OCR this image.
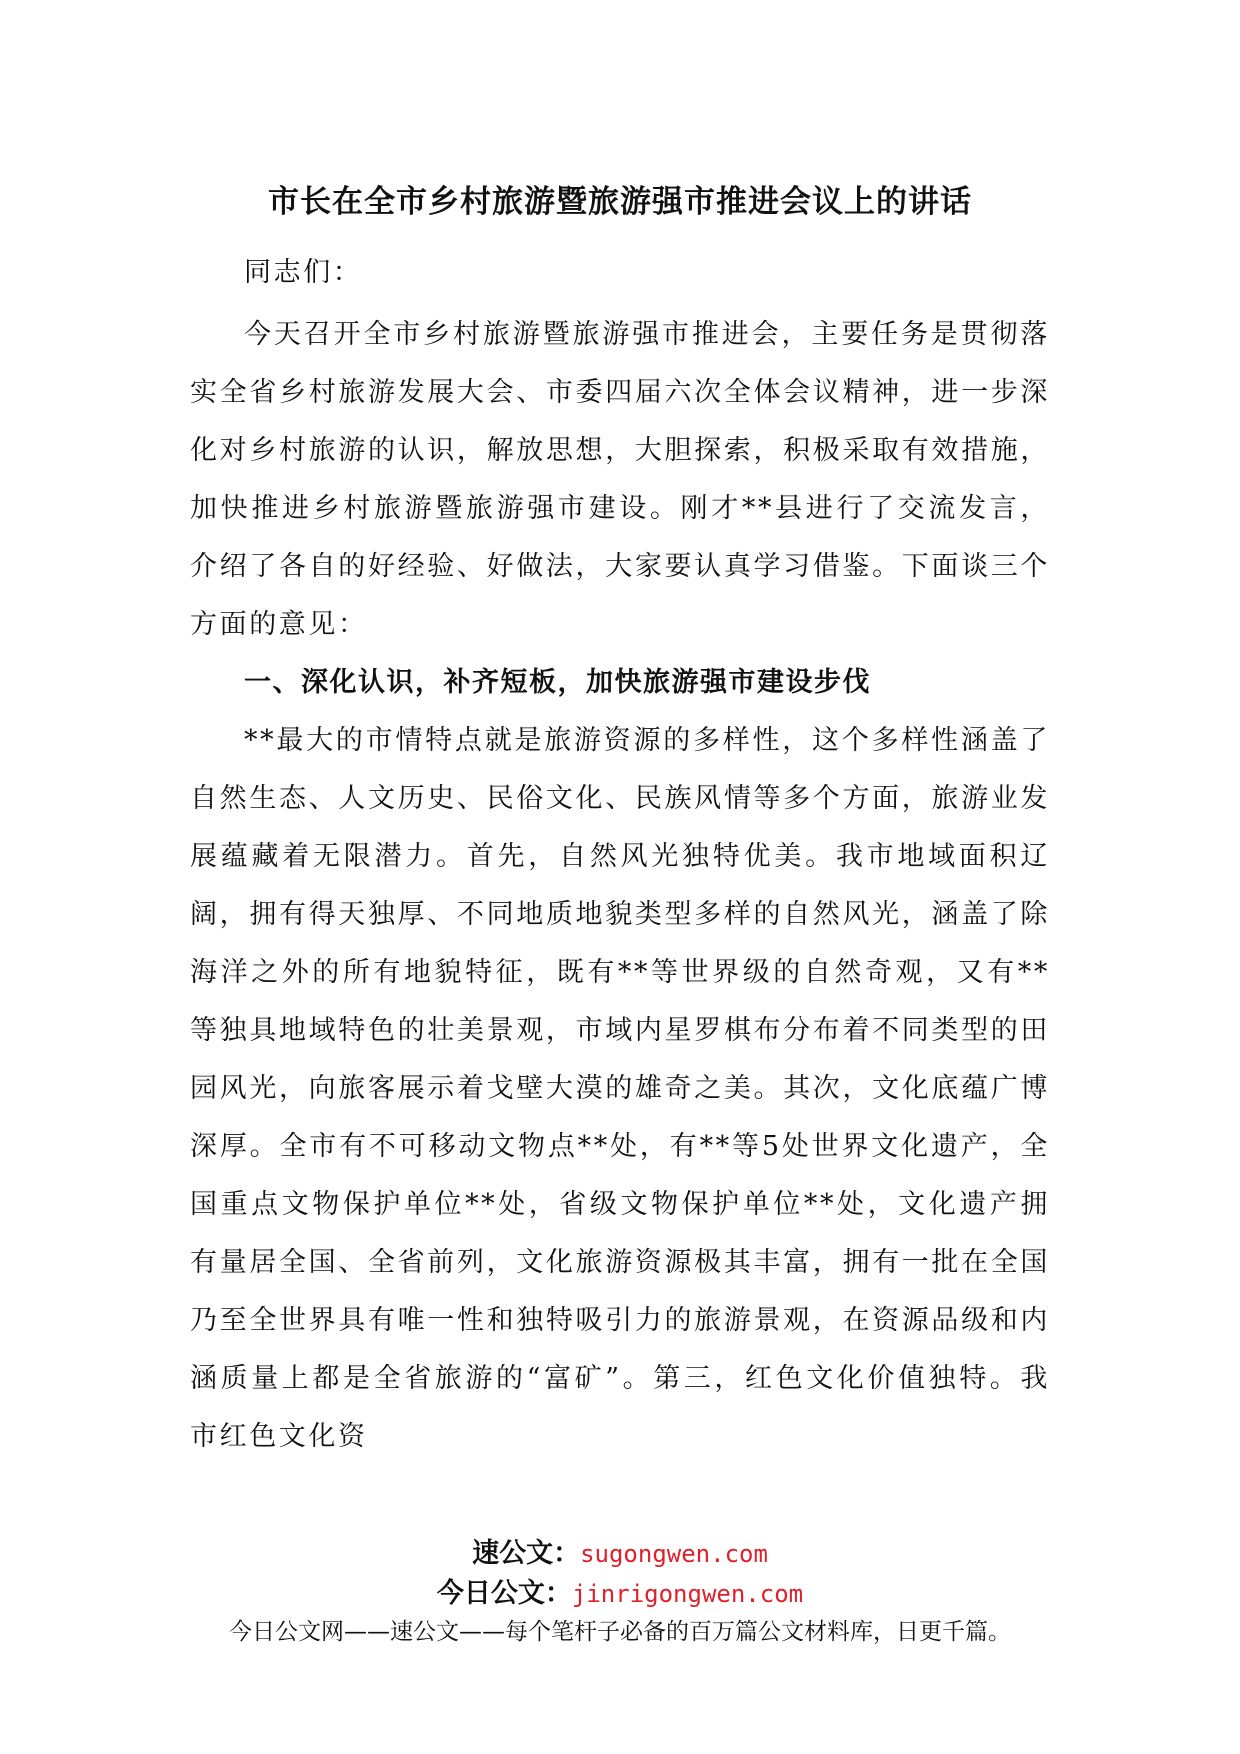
市长在全市乡村旅游暨旅游强市推进会议上的讲话

同志们：

今天召开全市乡村旅游暨旅游强市推进会，主要任务是贯彻落实全省乡村旅游发展大会、市委四届六次全体会议精神，进一步深化对乡村旅游的认识，解放思想，大胆探索，积极采取有效措施，加快推进乡村旅游暨旅游强市建设。刚才**县进行了交流发言，介绍了各自的好经验、好做法，大家要认真学习借鉴。下面谈三个方面的意见：

一、深化认识，补齐短板，加快旅游强市建设步伐

**最大的市情特点就是旅游资源的多样性，这个多样性涵盖了自然生态、人文历史、民俗文化、民族风情等多个方面，旅游业发展蕴藏着无限潜力。首先，自然风光独特优美。我市地域面积辽阔，拥有得天独厚、不同地质地貌类型多样的自然风光，涵盖了除海洋之外的所有地貌特征，既有**等世界级的自然奇观，又有**等独具地域特色的壮美景观，市域内星罗棋布分布着不同类型的田园风光，向旅客展示着戈壁大漠的雄奇之美。其次，文化底蕴广博深厚。全市有不可移动文物点**处，有**等5处世界文化遗产，全国重点文物保护单位**处，省级文物保护单位**处，文化遗产拥有量居全国、全省前列，文化旅游资源极其丰富，拥有一批在全国乃至全世界具有唯一性和独特吸引力的旅游景观，在资源品级和内涵质量上都是全省旅游的“富矿”。第三，红色文化价值独特。我市红色文化资

速公文：sugongwen.com
今日公文：jinrigongwen.com
今日公文网——速公文——每个笔杆子必备的百万篇公文材料库，日更千篇。
